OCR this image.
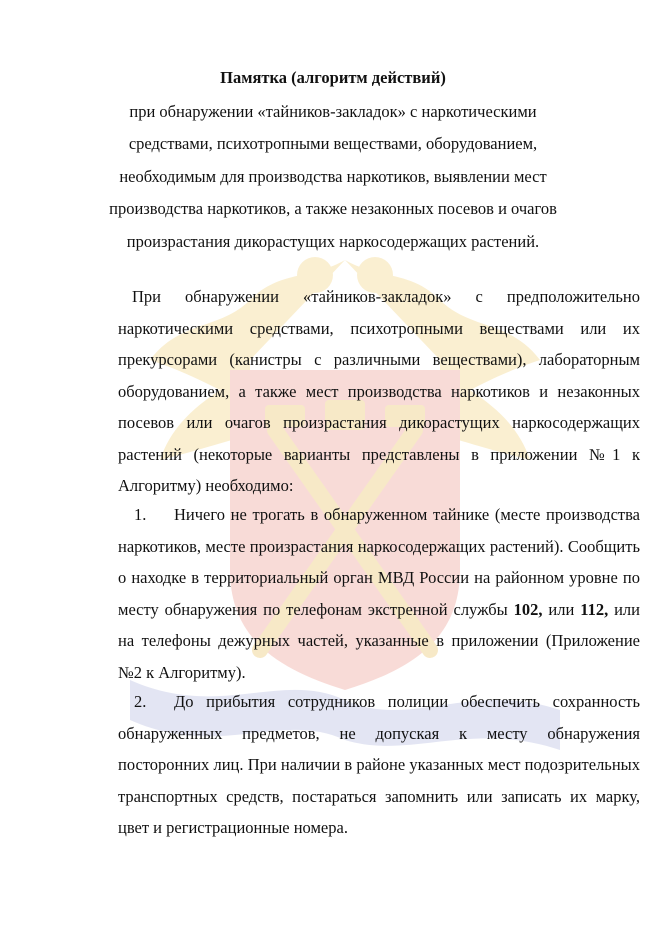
Памятка (алгоритм действий)
при обнаружении «тайников-закладок» с наркотическими средствами, психотропными веществами, оборудованием, необходимым для производства наркотиков, выявлении мест производства наркотиков, а также незаконных посевов и очагов произрастания дикорастущих наркосодержащих растений.
При обнаружении «тайников-закладок» с предположительно наркотическими средствами, психотропными веществами или их прекурсорами (канистры с различными веществами), лабораторным оборудованием, а также мест производства наркотиков и незаконных посевов или очагов произрастания дикорастущих наркосодержащих растений (некоторые варианты представлены в приложении №1 к Алгоритму) необходимо:
1. Ничего не трогать в обнаруженном тайнике (месте производства наркотиков, месте произрастания наркосодержащих растений). Сообщить о находке в территориальный орган МВД России на районном уровне по месту обнаружения по телефонам экстренной службы 102, или 112, или на телефоны дежурных частей, указанные в приложении (Приложение №2 к Алгоритму).
2. До прибытия сотрудников полиции обеспечить сохранность обнаруженных предметов, не допуская к месту обнаружения посторонних лиц. При наличии в районе указанных мест подозрительных транспортных средств, постараться запомнить или записать их марку, цвет и регистрационные номера.
